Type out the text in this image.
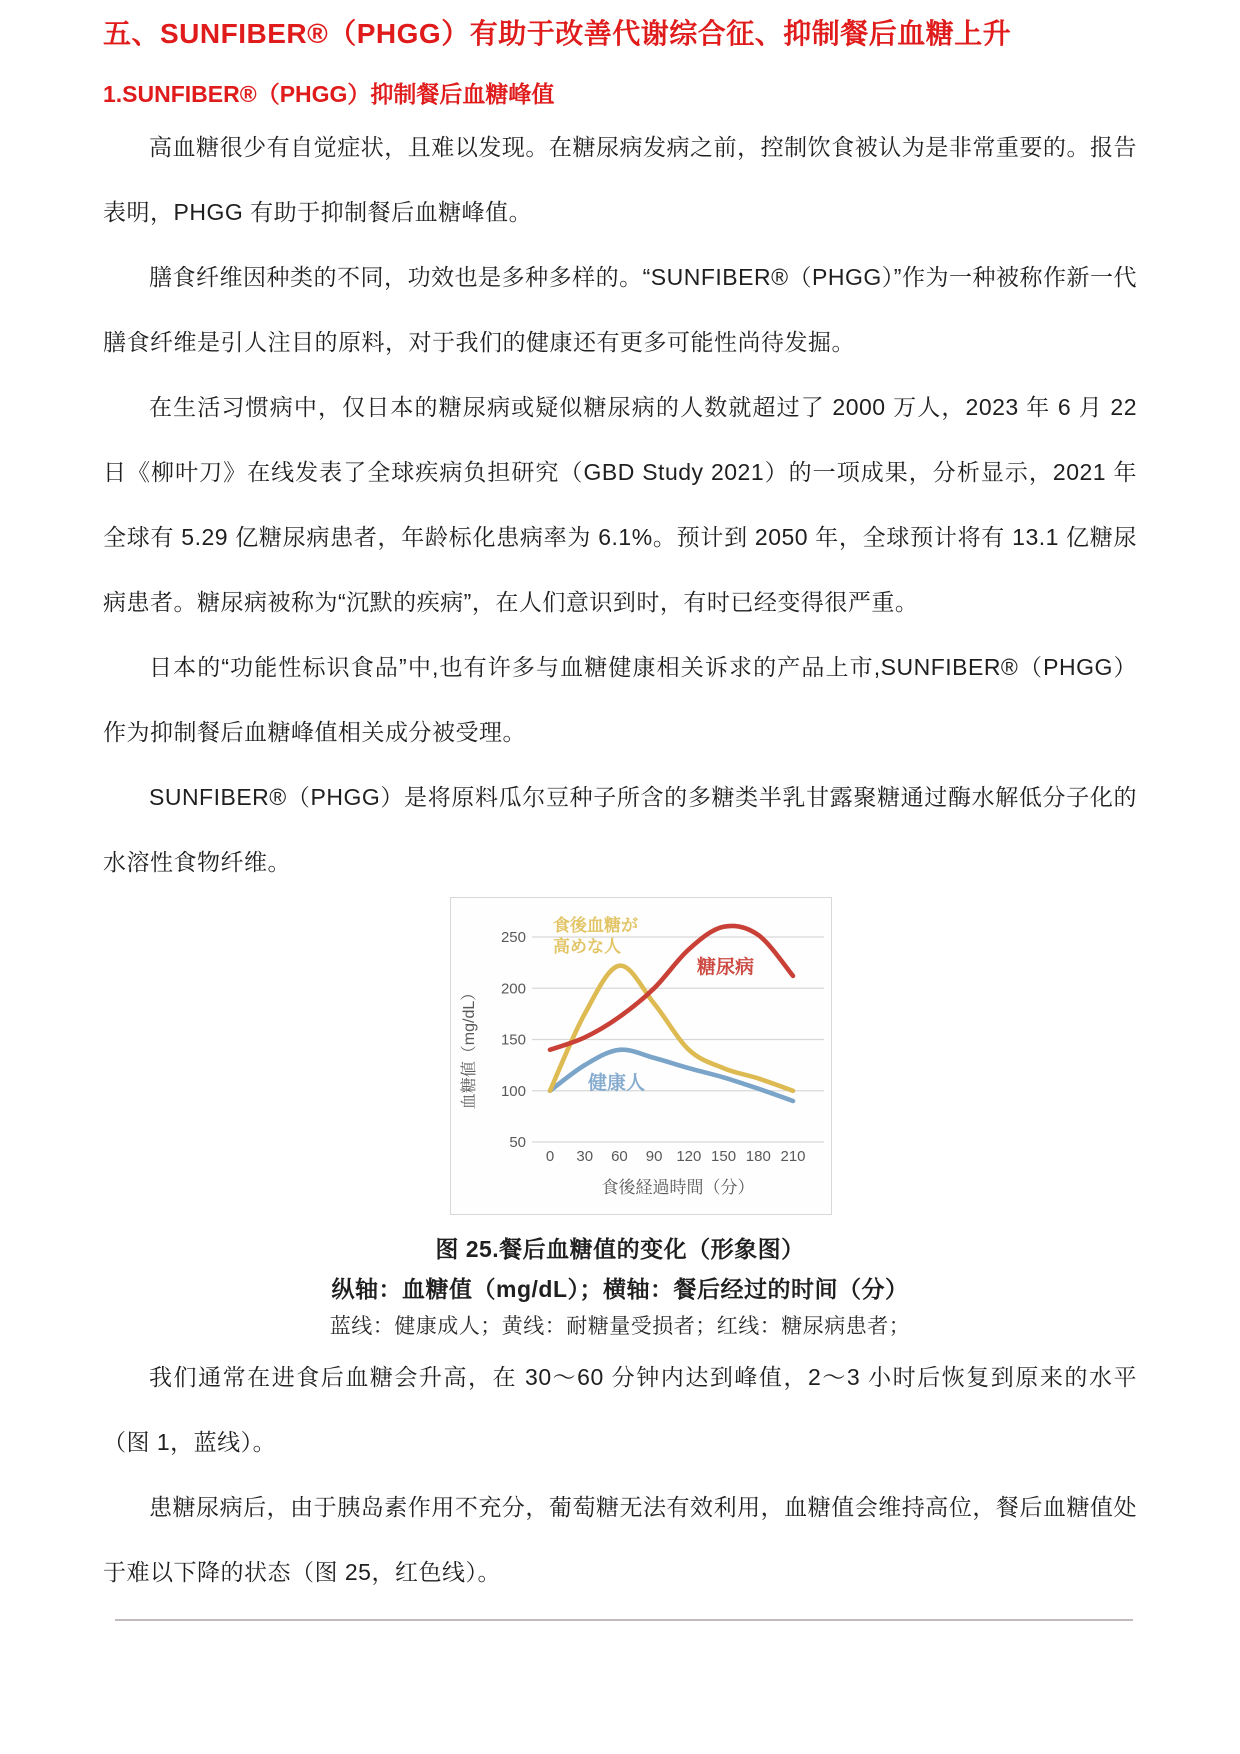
五、SUNFIBER®（PHGG）有助于改善代谢综合征、抑制餐后血糖上升
1.SUNFIBER®（PHGG）抑制餐后血糖峰值

高血糖很少有自觉症状，且难以发现。在糖尿病发病之前，控制饮食被认为是非常重要的。报告表明，PHGG 有助于抑制餐后血糖峰值。

膳食纤维因种类的不同，功效也是多种多样的。“SUNFIBER®（PHGG）”作为一种被称作新一代膳食纤维是引人注目的原料，对于我们的健康还有更多可能性尚待发掘。

在生活习惯病中，仅日本的糖尿病或疑似糖尿病的人数就超过了 2000 万人，2023 年 6 月 22 日《柳叶刀》在线发表了全球疾病负担研究（GBD Study 2021）的一项成果，分析显示，2021 年全球有 5.29 亿糖尿病患者，年龄标化患病率为 6.1%。预计到 2050 年，全球预计将有 13.1 亿糖尿病患者。糖尿病被称为“沉默的疾病”，在人们意识到时，有时已经变得很严重。

日本的“功能性标识食品”中,也有许多与血糖健康相关诉求的产品上市,SUNFIBER®（PHGG）作为抑制餐后血糖峰值相关成分被受理。

SUNFIBER®（PHGG）是将原料瓜尔豆种子所含的多糖类半乳甘露聚糖通过酶水解低分子化的水溶性食物纤维。

50
100
150
200
250
0 30 60 90 120 150 180 210
食後経過時間（分）
血糖値（mg/dL）
食後血糖が
高めな人
糖尿病
健康人

图 25.餐后血糖值的变化（形象图）

纵轴：血糖值（mg/dL）；横轴：餐后经过的时间（分）

蓝线：健康成人；黄线：耐糖量受损者；红线：糖尿病患者；

我们通常在进食后血糖会升高，在 30～60 分钟内达到峰值，2～3 小时后恢复到原来的水平（图 1，蓝线）。

患糖尿病后，由于胰岛素作用不充分，葡萄糖无法有效利用，血糖值会维持高位，餐后血糖值处于难以下降的状态（图 25，红色线）。
